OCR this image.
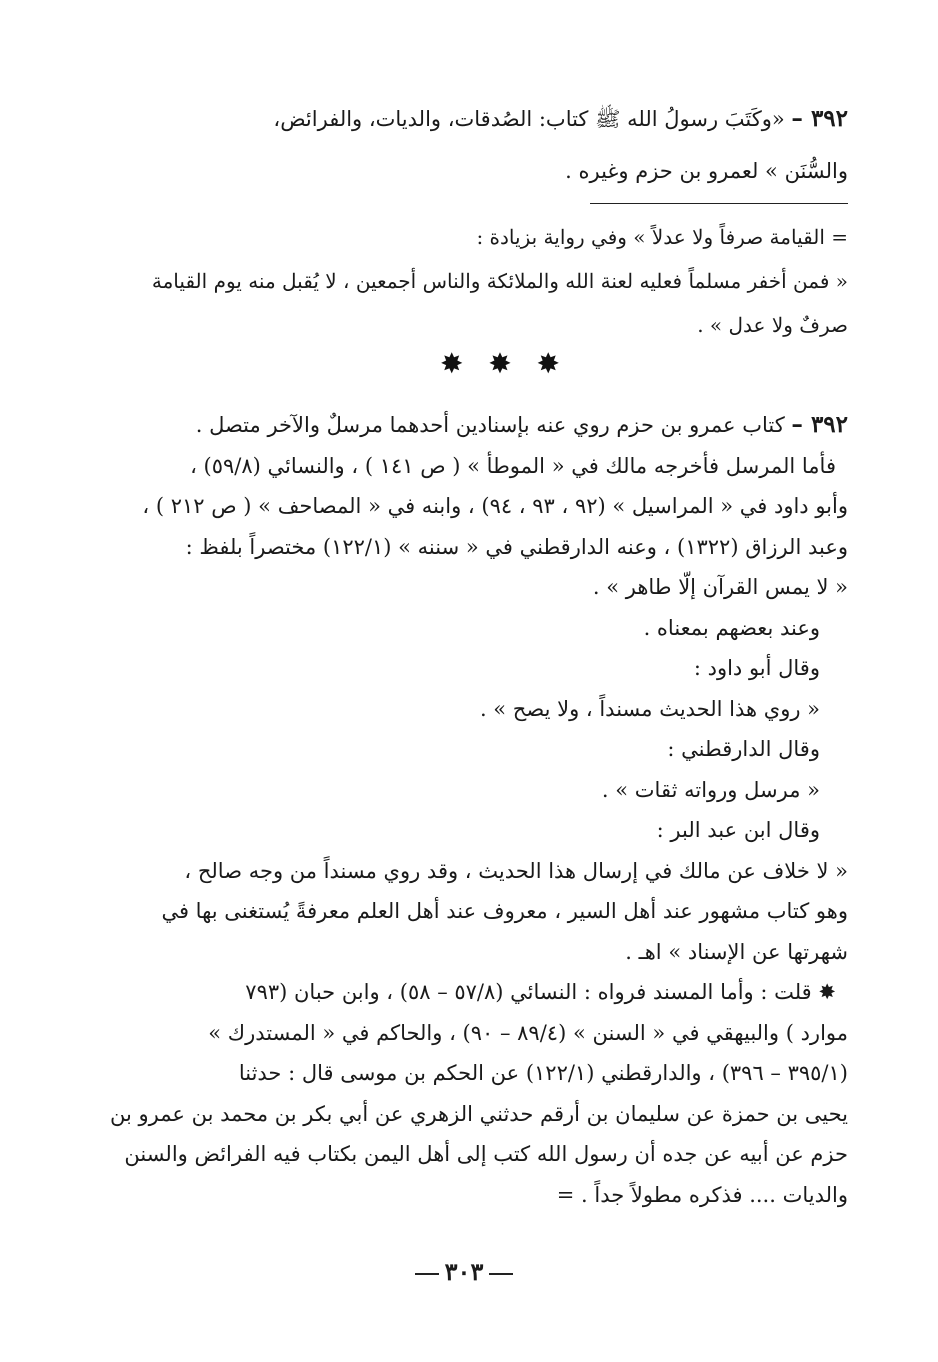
٣٩٢ – «وكَتَبَ رسولُ الله ﷺ كتاب: الصُدقات، والديات، والفرائض،
والسُّنَن » لعمرو بن حزم وغيره .
= القيامة صرفاً ولا عدلاً » وفي رواية بزيادة :
« فمن أخفر مسلماً فعليه لعنة الله والملائكة والناس أجمعين ، لا يُقبل منه يوم القيامة
صرفٌ ولا عدل » .
✸ ✸ ✸
٣٩٢ – كتاب عمرو بن حزم روي عنه بإسنادين أحدهما مرسلٌ والآخر متصل .
فأما المرسل فأخرجه مالك في « الموطأ » ( ص ١٤١ ) ، والنسائي (٥٩/٨) ،
وأبو داود في « المراسيل » (٩٢ ، ٩٣ ، ٩٤) ، وابنه في « المصاحف » ( ص ٢١٢ ) ،
وعبد الرزاق (١٣٢٢) ، وعنه الدارقطني في « سننه » (١٢٢/١) مختصراً بلفظ :
« لا يمس القرآن إلّا طاهر » .
وعند بعضهم بمعناه .
وقال أبو داود :
« روي هذا الحديث مسنداً ، ولا يصح » .
وقال الدارقطني :
« مرسل ورواته ثقات » .
وقال ابن عبد البر :
« لا خلاف عن مالك في إرسال هذا الحديث ، وقد روي مسنداً من وجه صالح ،
وهو كتاب مشهور عند أهل السير ، معروف عند أهل العلم معرفةً يُستغنى بها في
شهرتها عن الإسناد » اهـ .
✸ قلت : وأما المسند فرواه : النسائي (٥٧/٨ – ٥٨) ، وابن حبان (٧٩٣
موارد ) والبيهقي في « السنن » (٨٩/٤ – ٩٠) ، والحاكم في « المستدرك »
(٣٩٥/١ – ٣٩٦) ، والدارقطني (١٢٢/١) عن الحكم بن موسى قال : حدثنا
يحيى بن حمزة عن سليمان بن أرقم حدثني الزهري عن أبي بكر بن محمد بن عمرو بن
حزم عن أبيه عن جده أن رسول الله كتب إلى أهل اليمن بكتاب فيه الفرائض والسنن
والديات .... فذكره مطولاً جداً . =
٣٠٣
